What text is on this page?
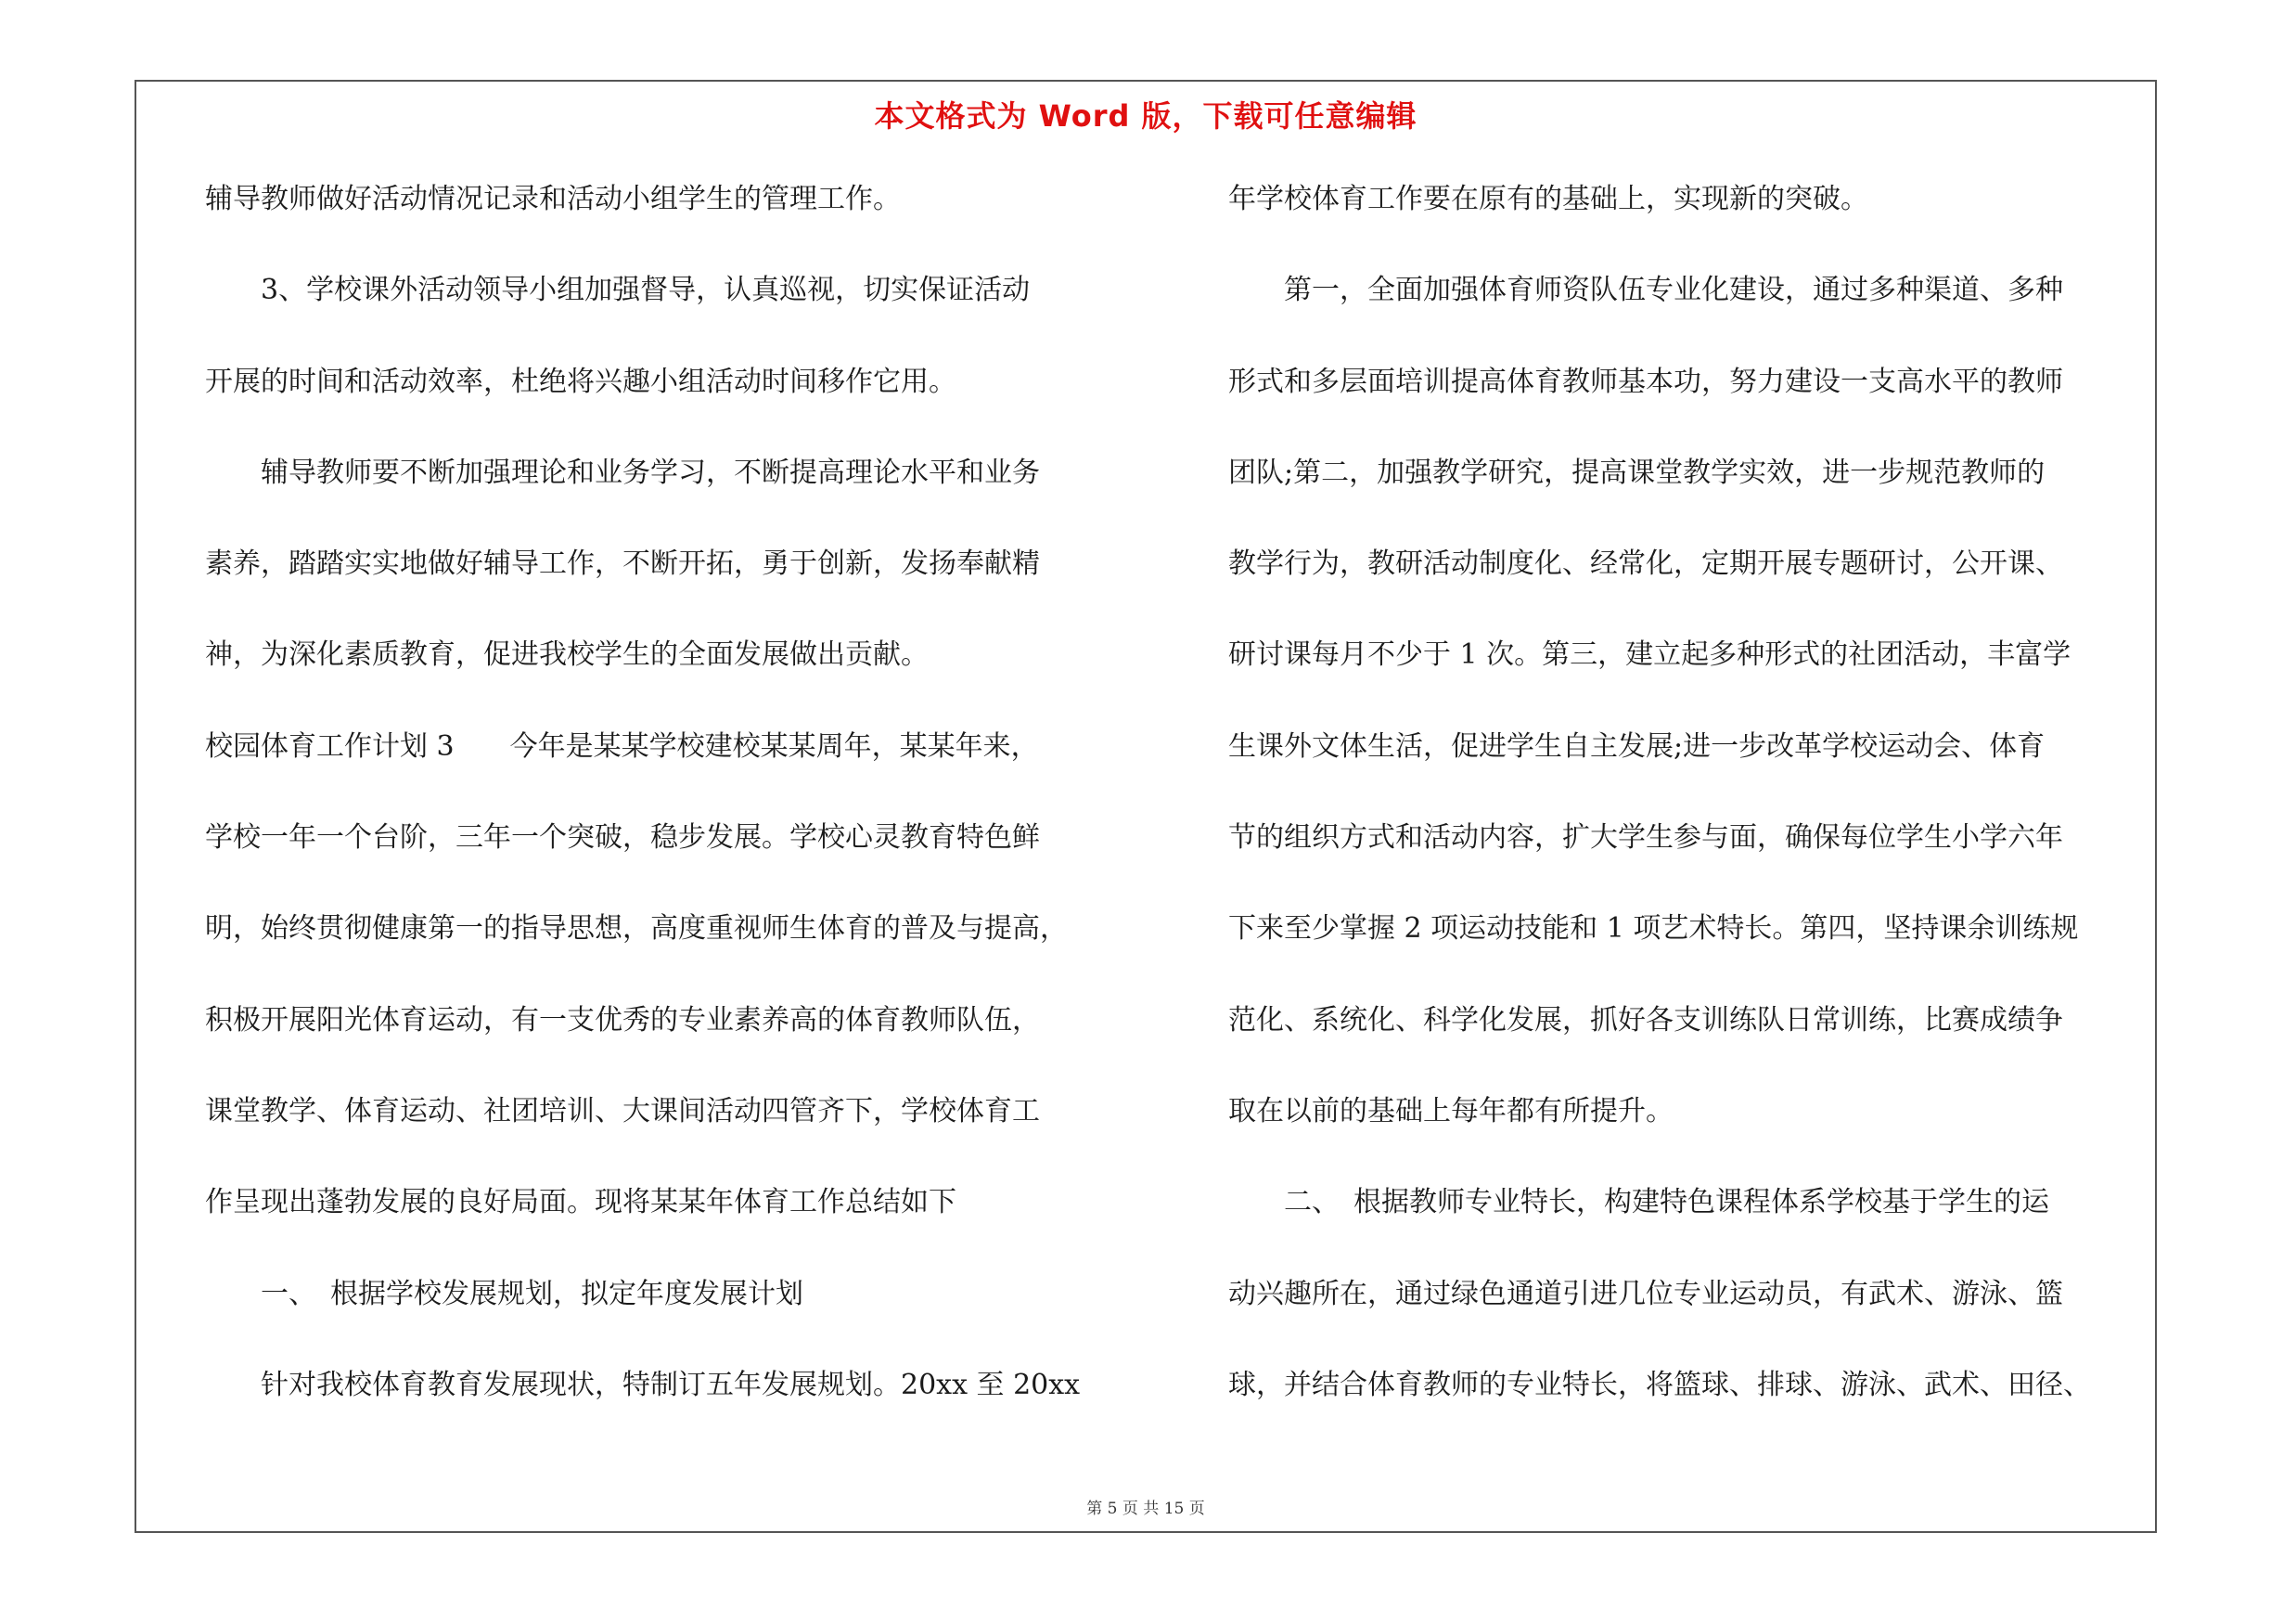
本文格式为 Word 版，下载可任意编辑
辅导教师做好活动情况记录和活动小组学生的管理工作。
　　3、学校课外活动领导小组加强督导，认真巡视，切实保证活动
开展的时间和活动效率，杜绝将兴趣小组活动时间移作它用。
　　辅导教师要不断加强理论和业务学习，不断提高理论水平和业务
素养，踏踏实实地做好辅导工作，不断开拓，勇于创新，发扬奉献精
神，为深化素质教育，促进我校学生的全面发展做出贡献。
校园体育工作计划 3　　今年是某某学校建校某某周年，某某年来，
学校一年一个台阶，三年一个突破，稳步发展。学校心灵教育特色鲜
明，始终贯彻健康第一的指导思想，高度重视师生体育的普及与提高，
积极开展阳光体育运动，有一支优秀的专业素养高的体育教师队伍，
课堂教学、体育运动、社团培训、大课间活动四管齐下，学校体育工
作呈现出蓬勃发展的良好局面。现将某某年体育工作总结如下
　　一、　根据学校发展规划，拟定年度发展计划
　　针对我校体育教育发展现状，特制订五年发展规划。20xx 至 20xx
年学校体育工作要在原有的基础上，实现新的突破。
　　第一，全面加强体育师资队伍专业化建设，通过多种渠道、多种
形式和多层面培训提高体育教师基本功，努力建设一支高水平的教师
团队;第二，加强教学研究，提高课堂教学实效，进一步规范教师的
教学行为，教研活动制度化、经常化，定期开展专题研讨，公开课、
研讨课每月不少于 1 次。第三，建立起多种形式的社团活动，丰富学
生课外文体生活，促进学生自主发展;进一步改革学校运动会、体育
节的组织方式和活动内容，扩大学生参与面，确保每位学生小学六年
下来至少掌握 2 项运动技能和 1 项艺术特长。第四，坚持课余训练规
范化、系统化、科学化发展，抓好各支训练队日常训练，比赛成绩争
取在以前的基础上每年都有所提升。
　　二、　根据教师专业特长，构建特色课程体系学校基于学生的运
动兴趣所在，通过绿色通道引进几位专业运动员，有武术、游泳、篮
球，并结合体育教师的专业特长，将篮球、排球、游泳、武术、田径、
第 5 页 共 15 页
